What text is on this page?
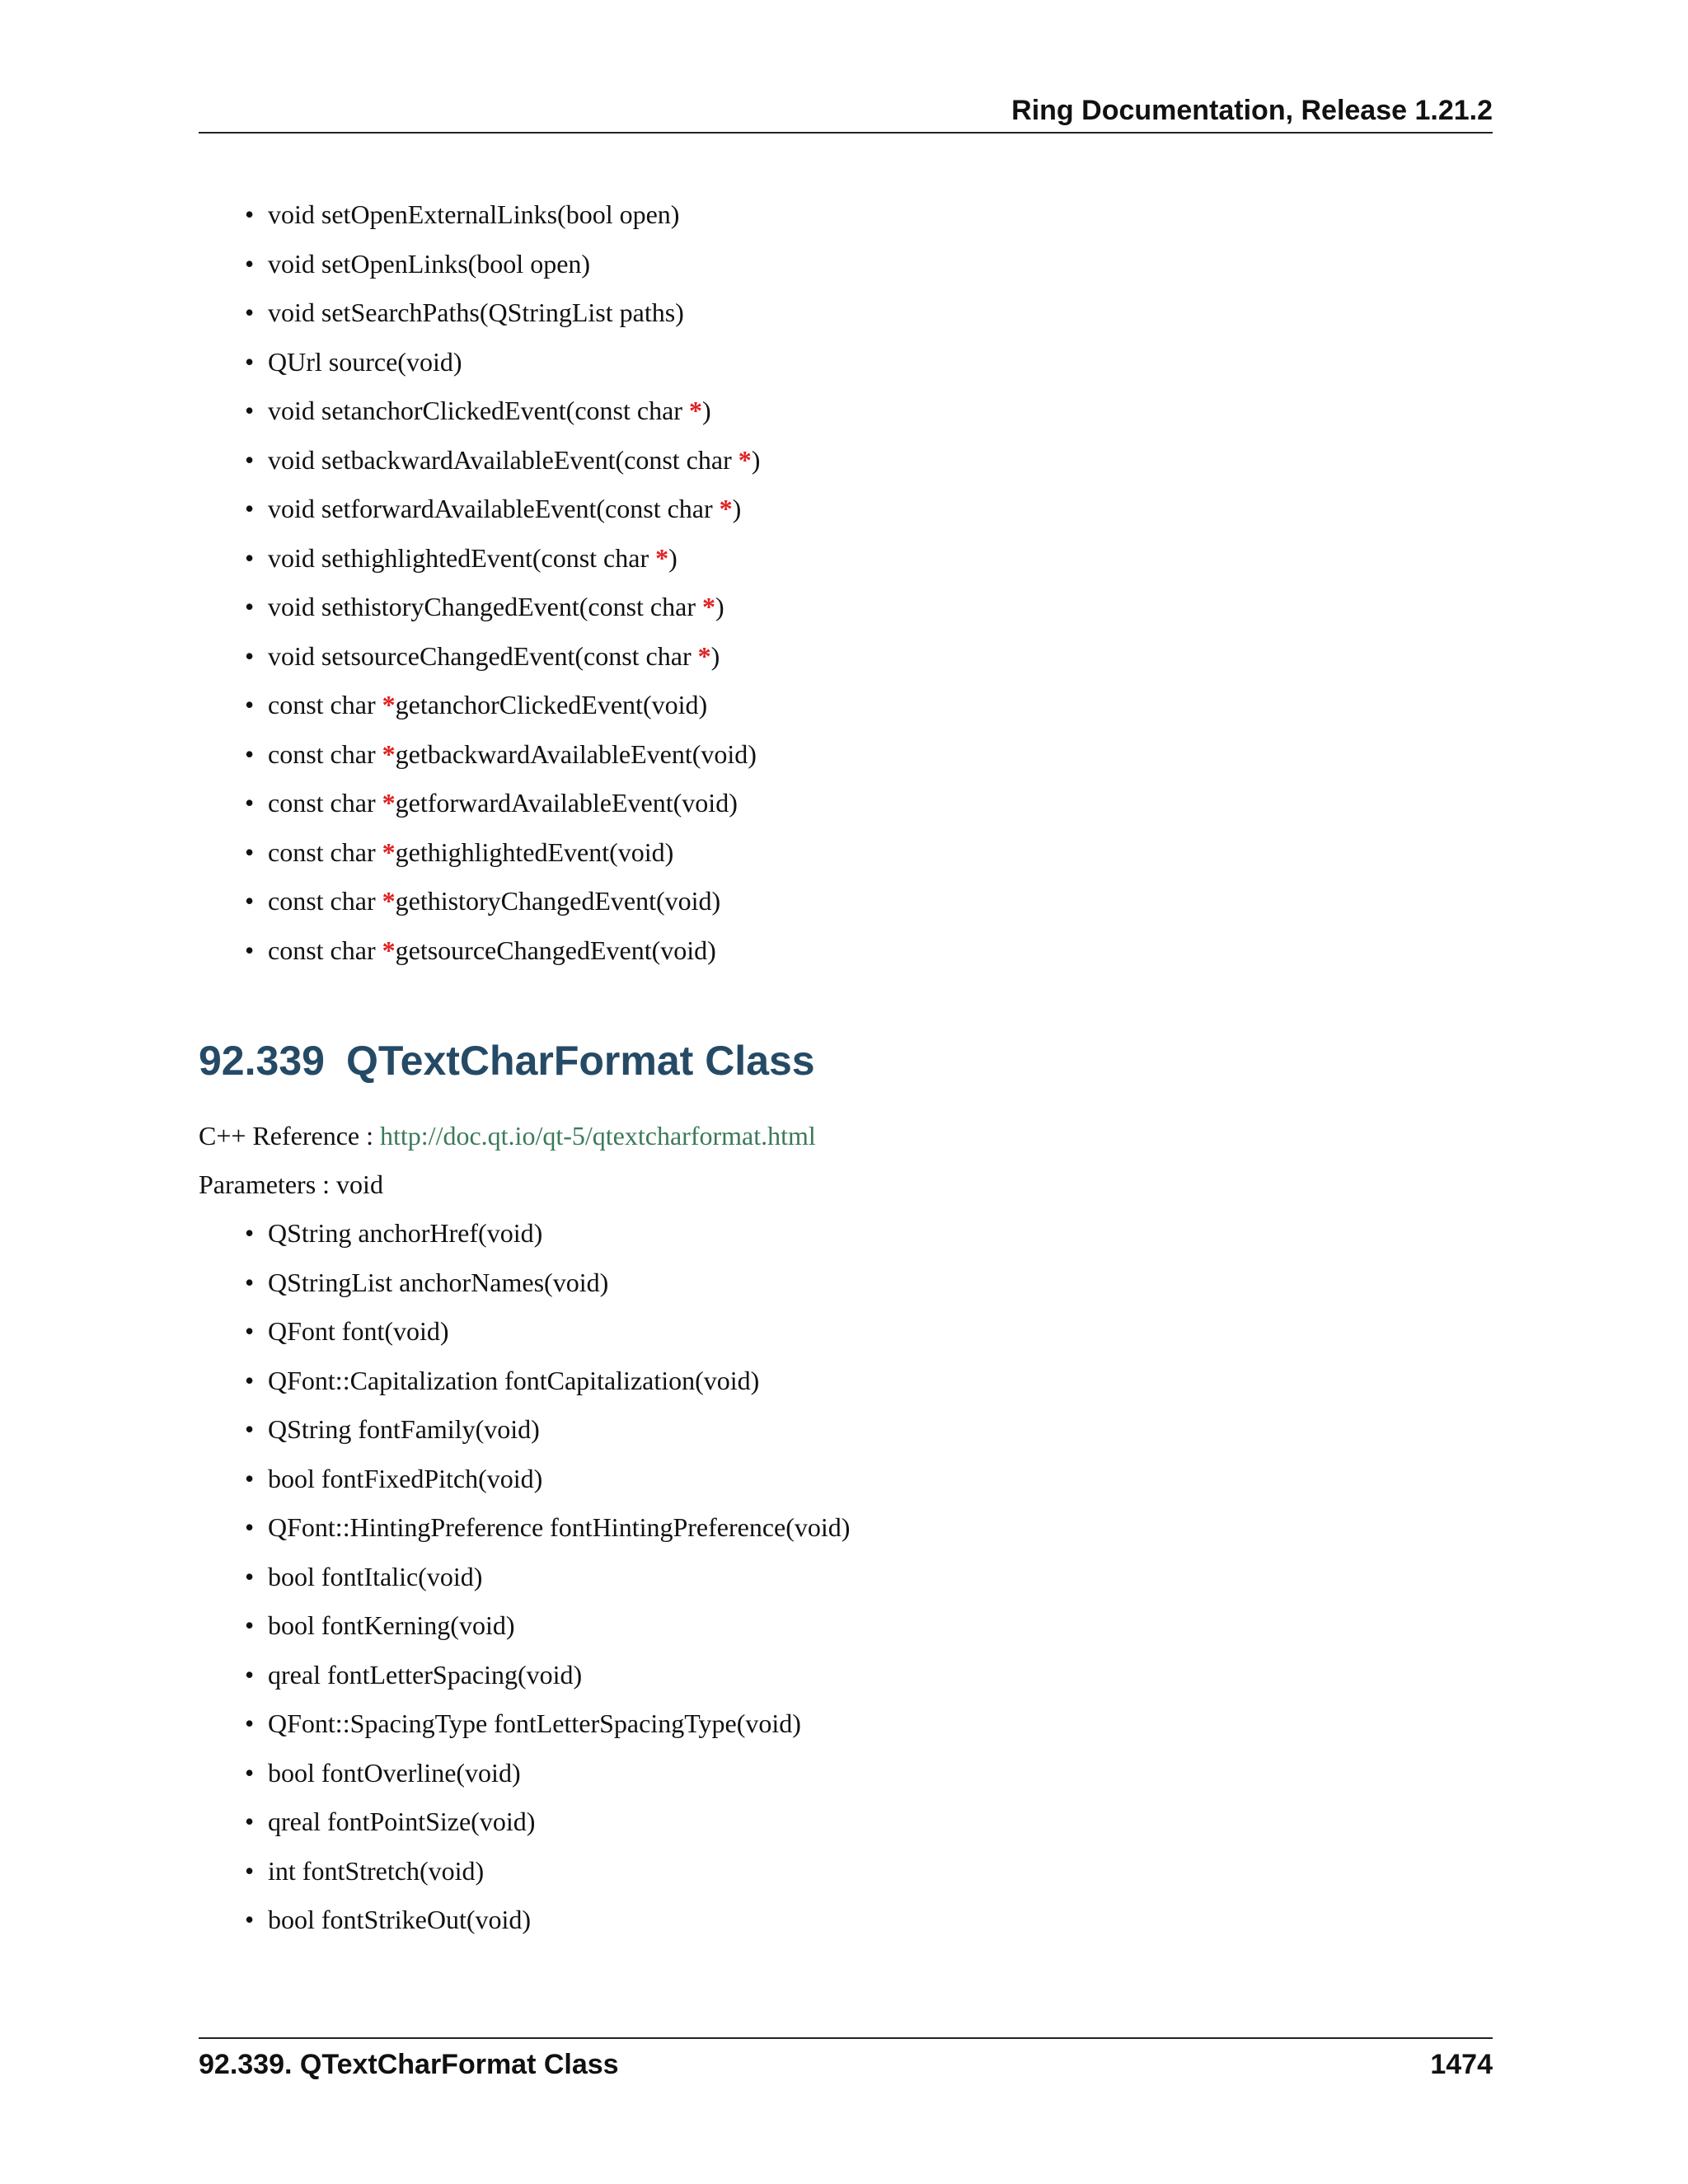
Ring Documentation, Release 1.21.2
• void setOpenExternalLinks(bool open)
• void setOpenLinks(bool open)
• void setSearchPaths(QStringList paths)
• QUrl source(void)
• void setanchorClickedEvent(const char *)
• void setbackwardAvailableEvent(const char *)
• void setforwardAvailableEvent(const char *)
• void sethighlightedEvent(const char *)
• void sethistoryChangedEvent(const char *)
• void setsourceChangedEvent(const char *)
• const char *getanchorClickedEvent(void)
• const char *getbackwardAvailableEvent(void)
• const char *getforwardAvailableEvent(void)
• const char *gethighlightedEvent(void)
• const char *gethistoryChangedEvent(void)
• const char *getsourceChangedEvent(void)
92.339 QTextCharFormat Class
C++ Reference : http://doc.qt.io/qt-5/qtextcharformat.html
Parameters : void
• QString anchorHref(void)
• QStringList anchorNames(void)
• QFont font(void)
• QFont::Capitalization fontCapitalization(void)
• QString fontFamily(void)
• bool fontFixedPitch(void)
• QFont::HintingPreference fontHintingPreference(void)
• bool fontItalic(void)
• bool fontKerning(void)
• qreal fontLetterSpacing(void)
• QFont::SpacingType fontLetterSpacingType(void)
• bool fontOverline(void)
• qreal fontPointSize(void)
• int fontStretch(void)
• bool fontStrikeOut(void)
92.339. QTextCharFormat Class	1474
